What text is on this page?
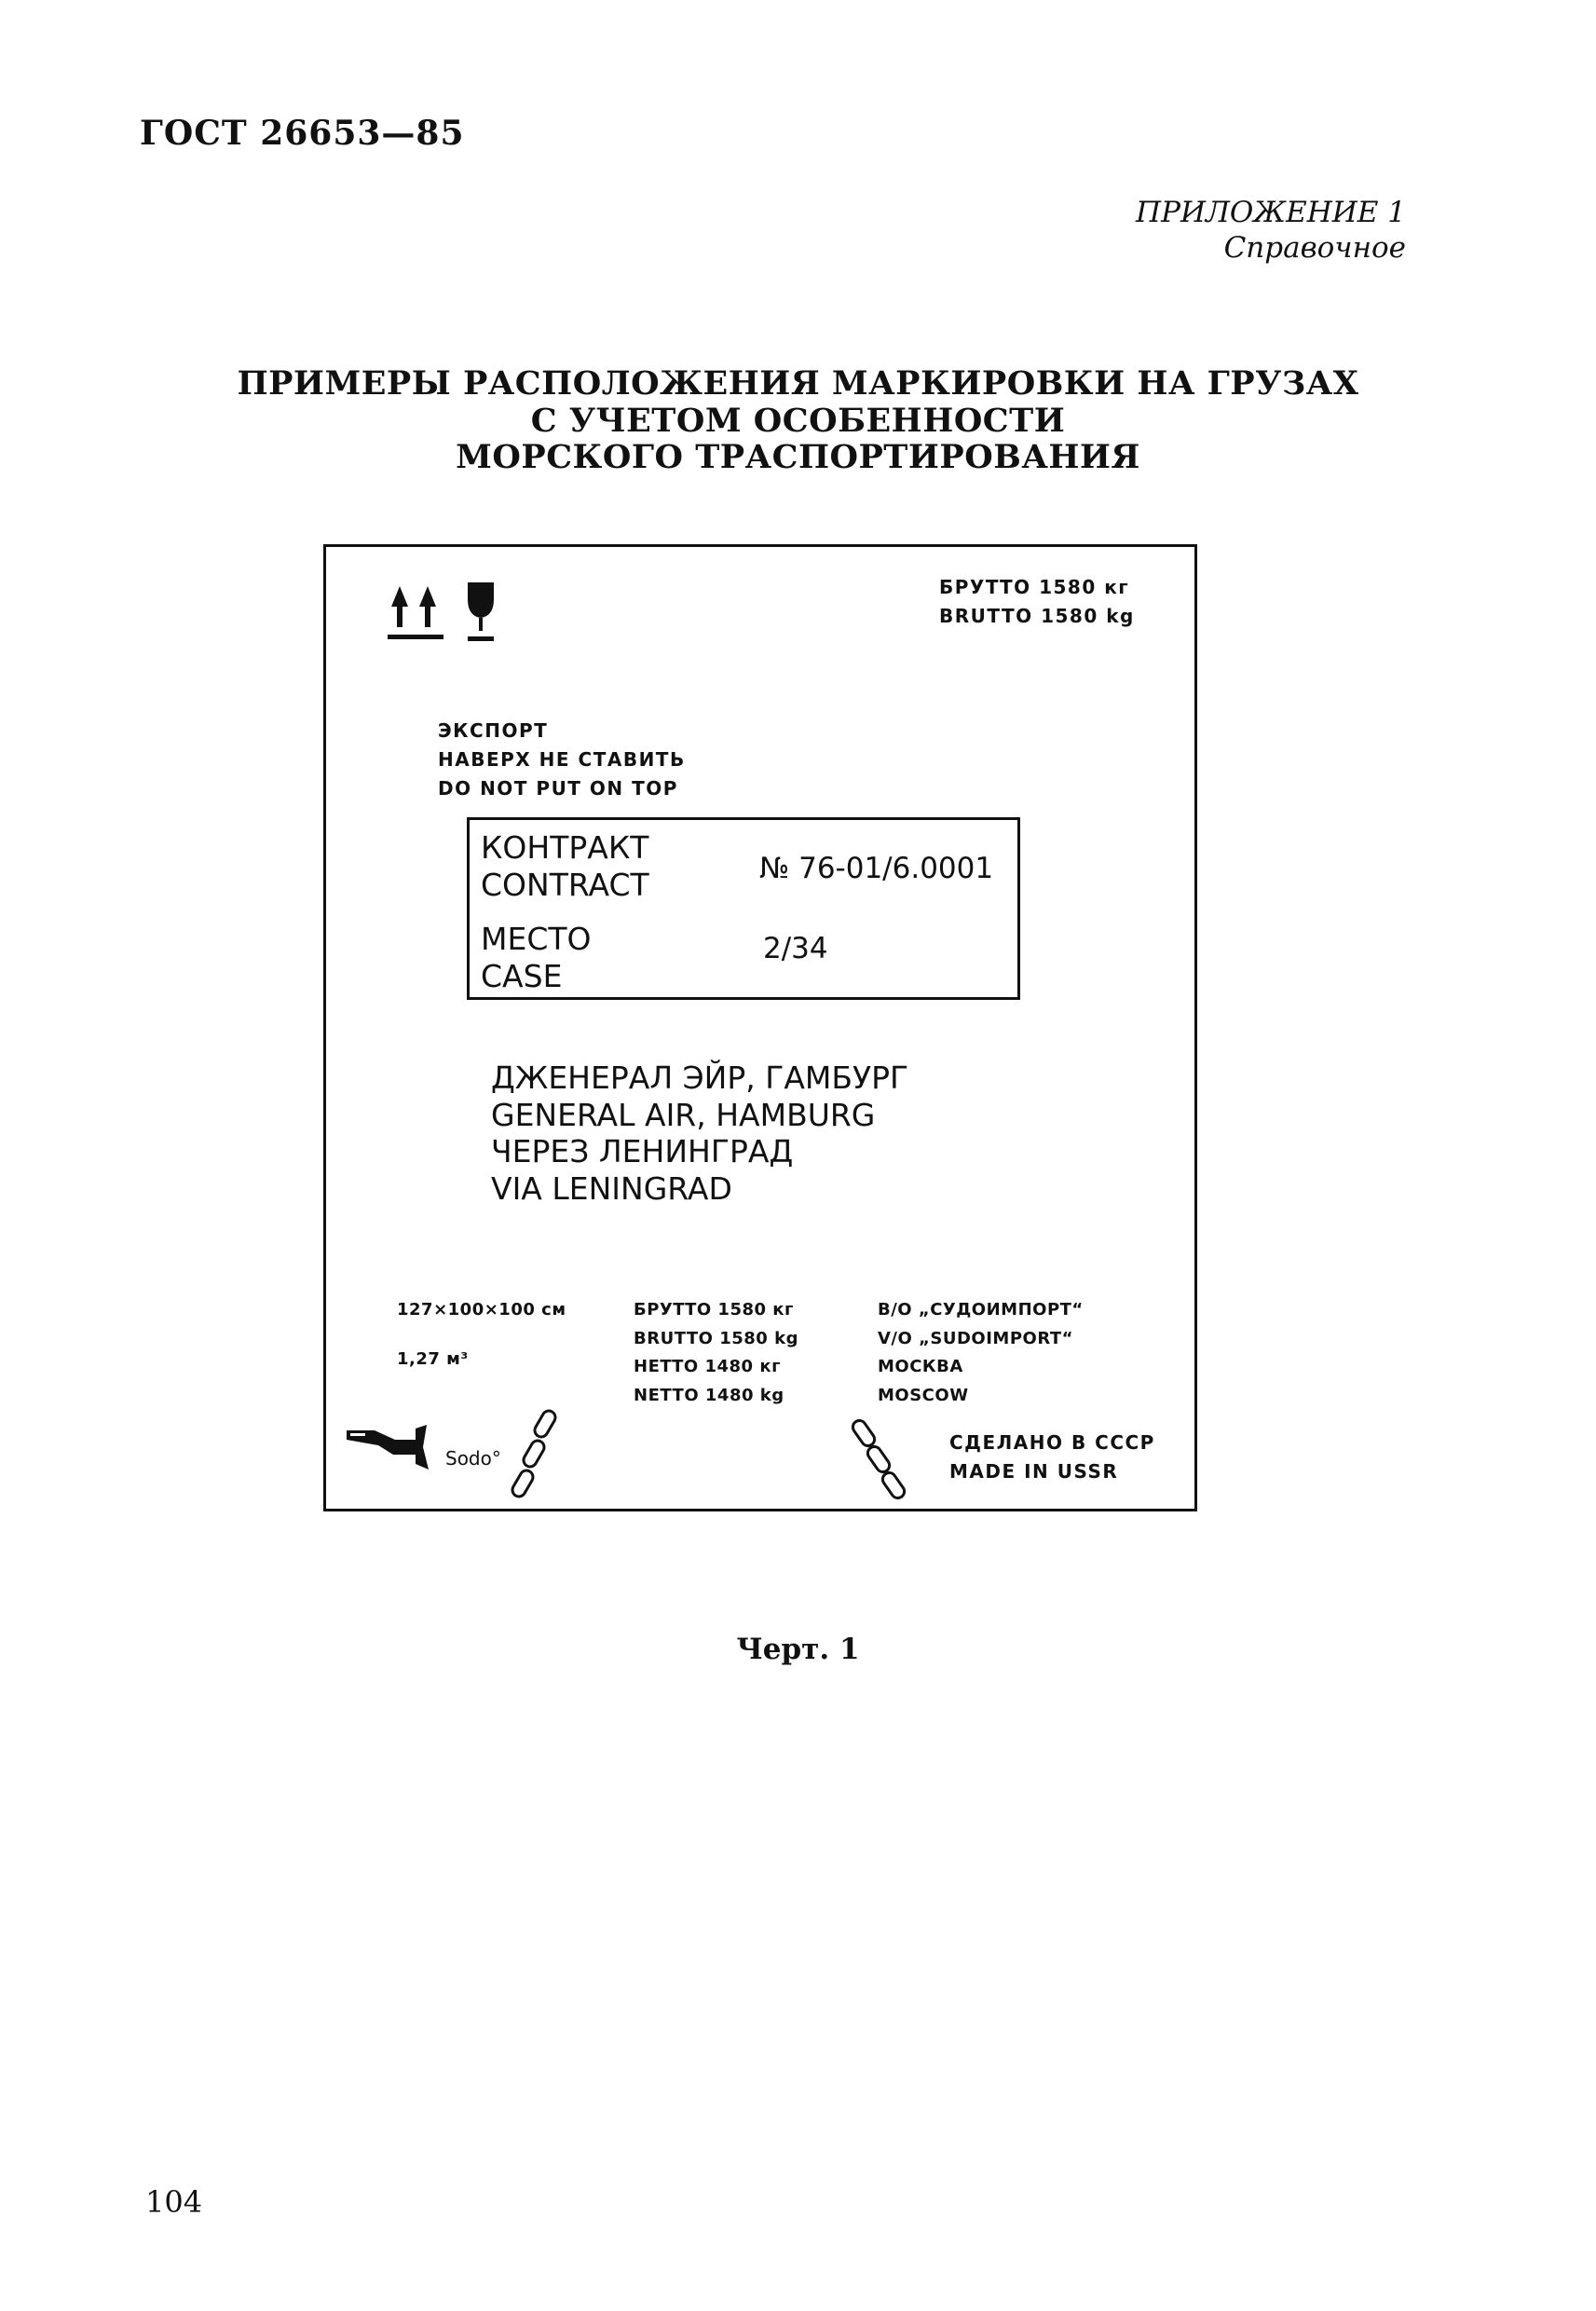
ГОСТ 26653—85
ПРИЛОЖЕНИЕ 1
Справочное
ПРИМЕРЫ РАСПОЛОЖЕНИЯ МАРКИРОВКИ НА ГРУЗАХ
С УЧЕТОМ ОСОБЕННОСТИ
МОРСКОГО ТРАСПОРТИРОВАНИЯ
БРУТТО 1580 кг
BRUTTO 1580 kg
ЭКСПОРТ
НАВЕРХ НЕ СТАВИТЬ
DO NOT PUT ON TOP
КОНТРАКТ
CONTRACT	№ 76-01/6.0001
МЕСТО
CASE
2/34
ДЖЕНЕРАЛ ЭЙР, ГАМБУРГ
GENERAL AIR, HAMBURG
ЧЕРЕЗ ЛЕНИНГРАД
VIA LENINGRAD
127×100×100 см
1,27 м³
БРУТТО 1580 кг
BRUTTO 1580 kg
НЕТТО 1480 кг
NETTO 1480 kg
В/О „СУДОИМПОРТ“
V/O „SUDOIMPORT“
МОСКВА
MOSCOW
Sodo°
СДЕЛАНО В СССР
MADE IN USSR
Черт. 1
104
